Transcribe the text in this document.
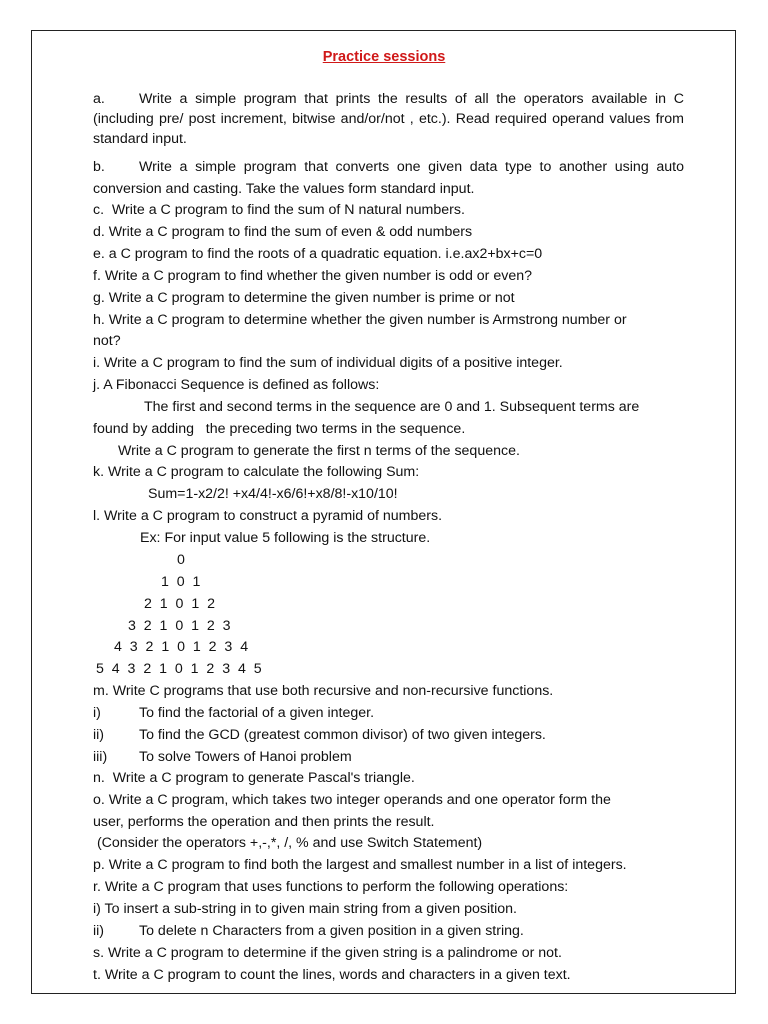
Practice sessions
a. Write a simple program that prints the results of all the operators available in C (including pre/ post increment, bitwise and/or/not , etc.). Read required operand values from standard input.
b. Write a simple program that converts one given data type to another using auto conversion and casting. Take the values form standard input.
c.  Write a C program to find the sum of N natural numbers.
d. Write a C program to find the sum of even & odd numbers
e. a C program to find the roots of a quadratic equation. i.e.ax2+bx+c=0
f. Write a C program to find whether the given number is odd or even?
g. Write a C program to determine the given number is prime or not
h. Write a C program to determine whether the given number is Armstrong number or
not?
i. Write a C program to find the sum of individual digits of a positive integer.
j. A Fibonacci Sequence is defined as follows:
The first and second terms in the sequence are 0 and 1. Subsequent terms are
found by adding   the preceding two terms in the sequence.
Write a C program to generate the first n terms of the sequence.
k. Write a C program to calculate the following Sum:
Sum=1-x2/2! +x4/4!-x6/6!+x8/8!-x10/10!
l. Write a C program to construct a pyramid of numbers.
Ex: For input value 5 following is the structure.
0
1  0  1
2  1  0  1  2
3  2  1  0  1  2  3
4  3  2  1  0  1  2  3  4
5  4  3  2  1  0  1  2  3  4  5
m. Write C programs that use both recursive and non-recursive functions.
i)	To find the factorial of a given integer.
ii) To find the GCD (greatest common divisor) of two given integers.
iii) To solve Towers of Hanoi problem
n.  Write a C program to generate Pascal's triangle.
o. Write a C program, which takes two integer operands and one operator form the
user, performs the operation and then prints the result.
(Consider the operators +,-,*, /, % and use Switch Statement)
p. Write a C program to find both the largest and smallest number in a list of integers.
r. Write a C program that uses functions to perform the following operations:
i) To insert a sub-string in to given main string from a given position.
ii) To delete n Characters from a given position in a given string.
s. Write a C program to determine if the given string is a palindrome or not.
t. Write a C program to count the lines, words and characters in a given text.
